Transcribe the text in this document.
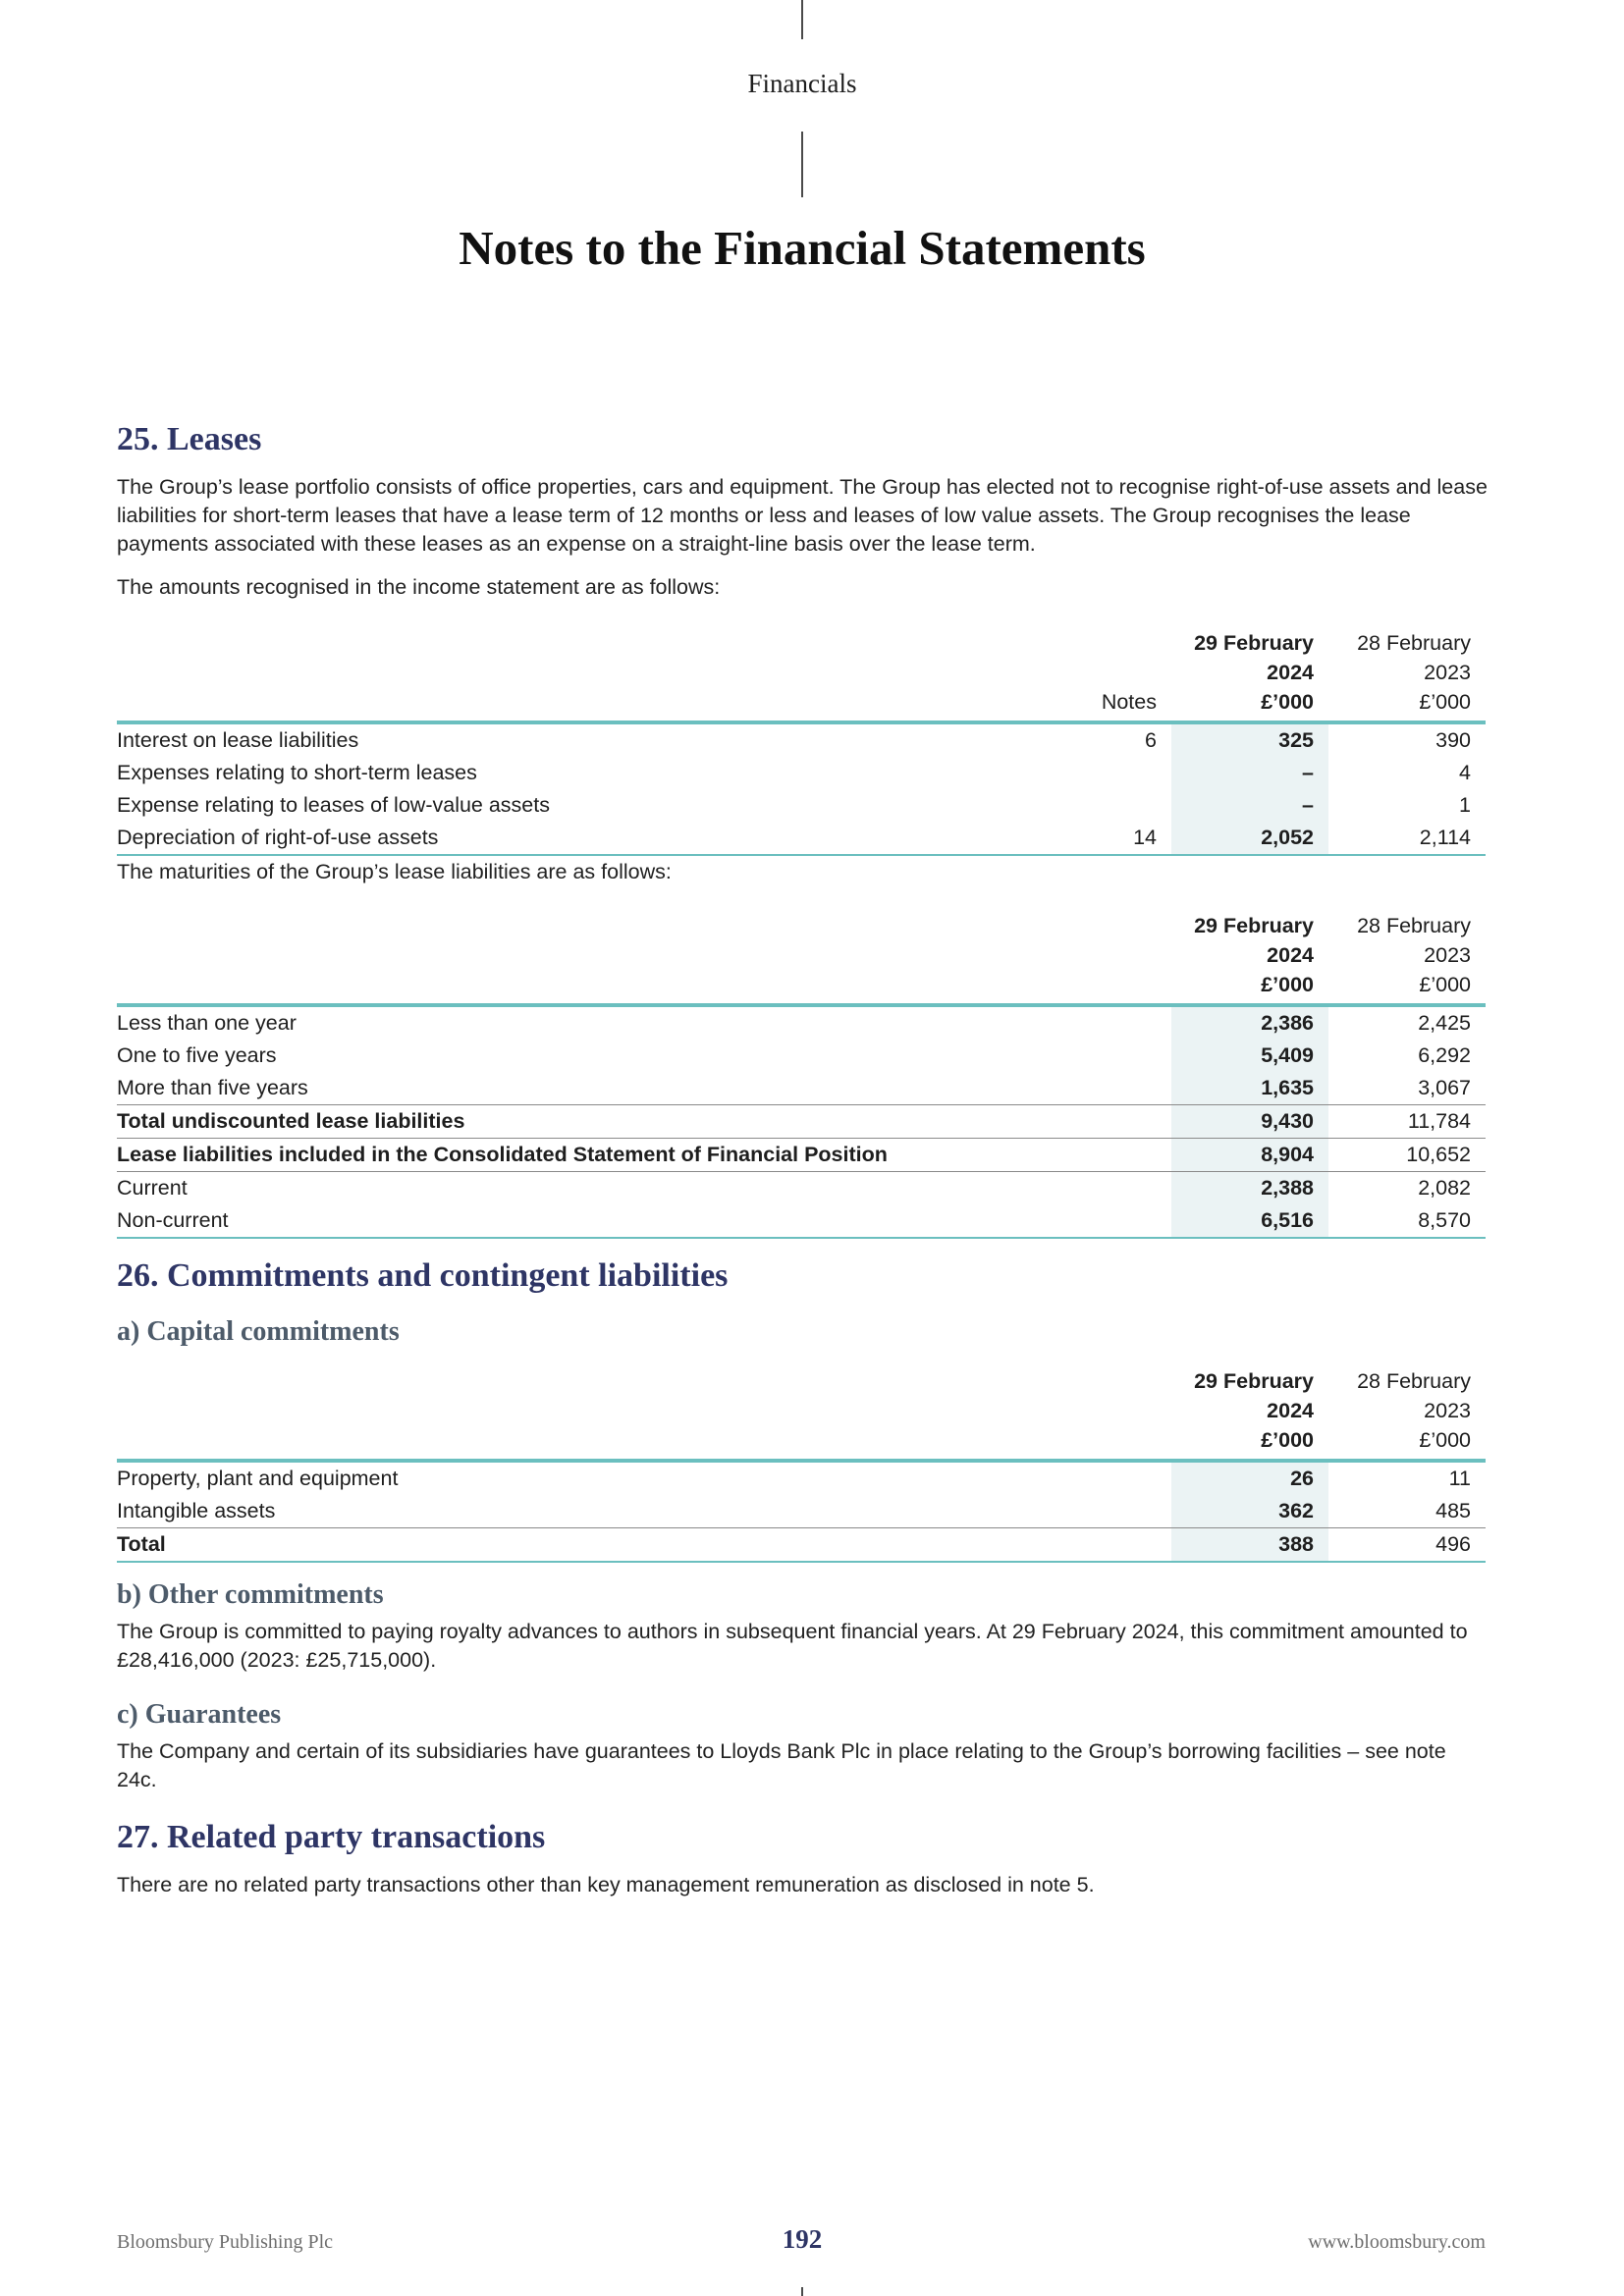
Financials
Notes to the Financial Statements
25. Leases

The Group’s lease portfolio consists of office properties, cars and equipment. The Group has elected not to recognise right-of-use assets and lease liabilities for short-term leases that have a lease term of 12 months or less and leases of low value assets. The Group recognises the lease payments associated with these leases as an expense on a straight-line basis over the lease term.

The amounts recognised in the income statement are as follows:

		29 February	28 February
		2024	2023
	Notes	£’000	£’000
Interest on lease liabilities	6	325	390
Expenses relating to short-term leases		–	4
Expense relating to leases of low-value assets		–	1
Depreciation of right-of-use assets	14	2,052	2,114

The maturities of the Group’s lease liabilities are as follows:

		29 February	28 February
		2024	2023
		£’000	£’000
Less than one year		2,386	2,425
One to five years		5,409	6,292
More than five years		1,635	3,067
Total undiscounted lease liabilities		9,430	11,784
Lease liabilities included in the Consolidated Statement of Financial Position		8,904	10,652
Current		2,388	2,082
Non-current		6,516	8,570
26. Commitments and contingent liabilities
a) Capital commitments
		29 February	28 February
		2024	2023
		£’000	£’000
Property, plant and equipment		26	11
Intangible assets		362	485
Total		388	496
b) Other commitments

The Group is committed to paying royalty advances to authors in subsequent financial years. At 29 February 2024, this commitment amounted to £28,416,000 (2023: £25,715,000).

c) Guarantees

The Company and certain of its subsidiaries have guarantees to Lloyds Bank Plc in place relating to the Group’s borrowing facilities – see note 24c.

27. Related party transactions

There are no related party transactions other than key management remuneration as disclosed in note 5.

Bloomsbury Publishing Plc	192	www.bloomsbury.com
